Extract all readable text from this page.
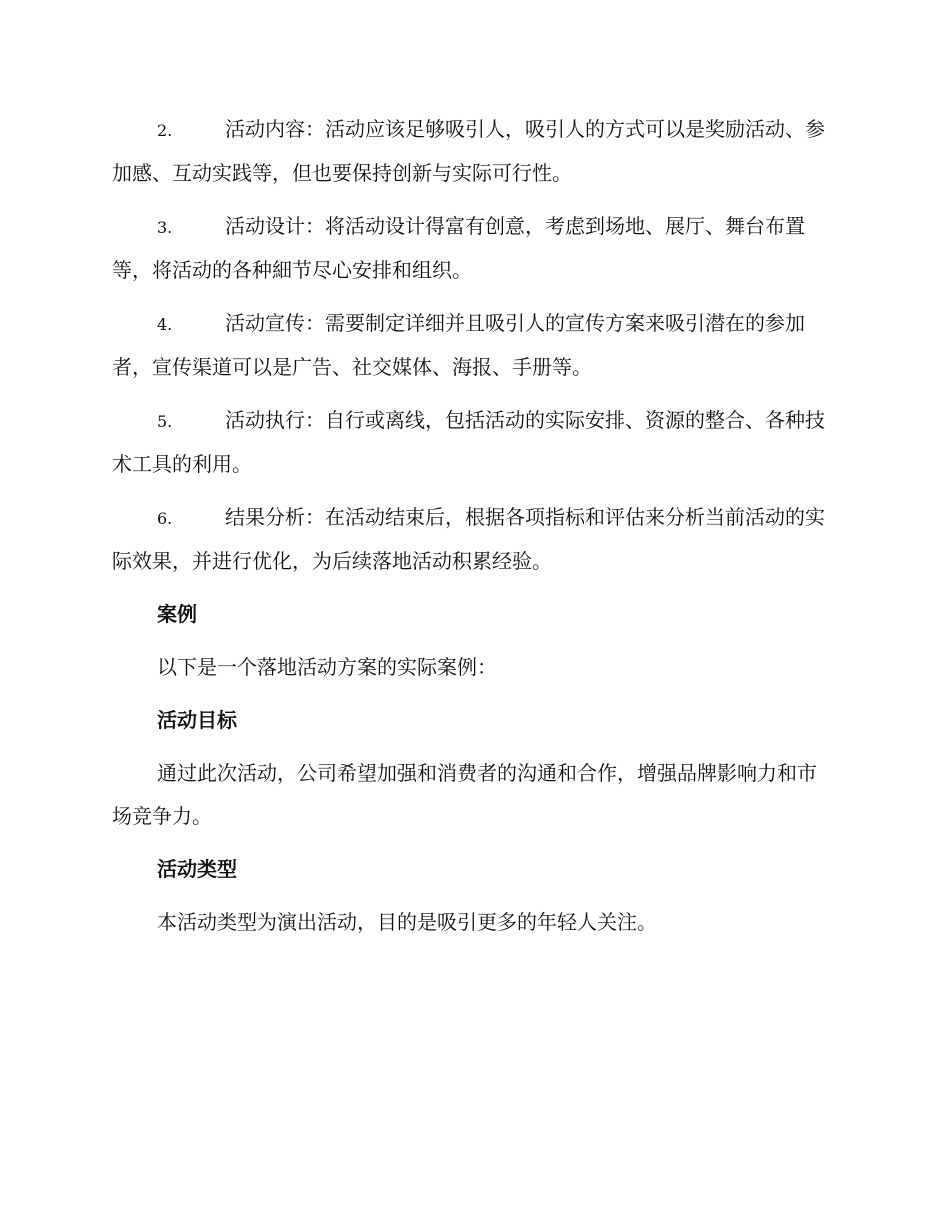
2.	活动内容：活动应该足够吸引人，吸引人的方式可以是奖励活动、参加感、互动实践等，但也要保持创新与实际可行性。
3.	活动设计：将活动设计得富有创意，考虑到场地、展厅、舞台布置等，将活动的各种細节尽心安排和组织。
4.	活动宣传：需要制定详细并且吸引人的宣传方案来吸引潜在的参加者，宣传渠道可以是广告、社交媒体、海报、手册等。
5.	活动执行：自行或离线，包括活动的实际安排、资源的整合、各种技术工具的利用。
6.	结果分析：在活动结束后，根据各项指标和评估来分析当前活动的实际效果，并进行优化，为后续落地活动积累经验。
案例
以下是一个落地活动方案的实际案例：
活动目标
通过此次活动，公司希望加强和消费者的沟通和合作，增强品牌影响力和市场竞争力。
活动类型
本活动类型为演出活动，目的是吸引更多的年轻人关注。
